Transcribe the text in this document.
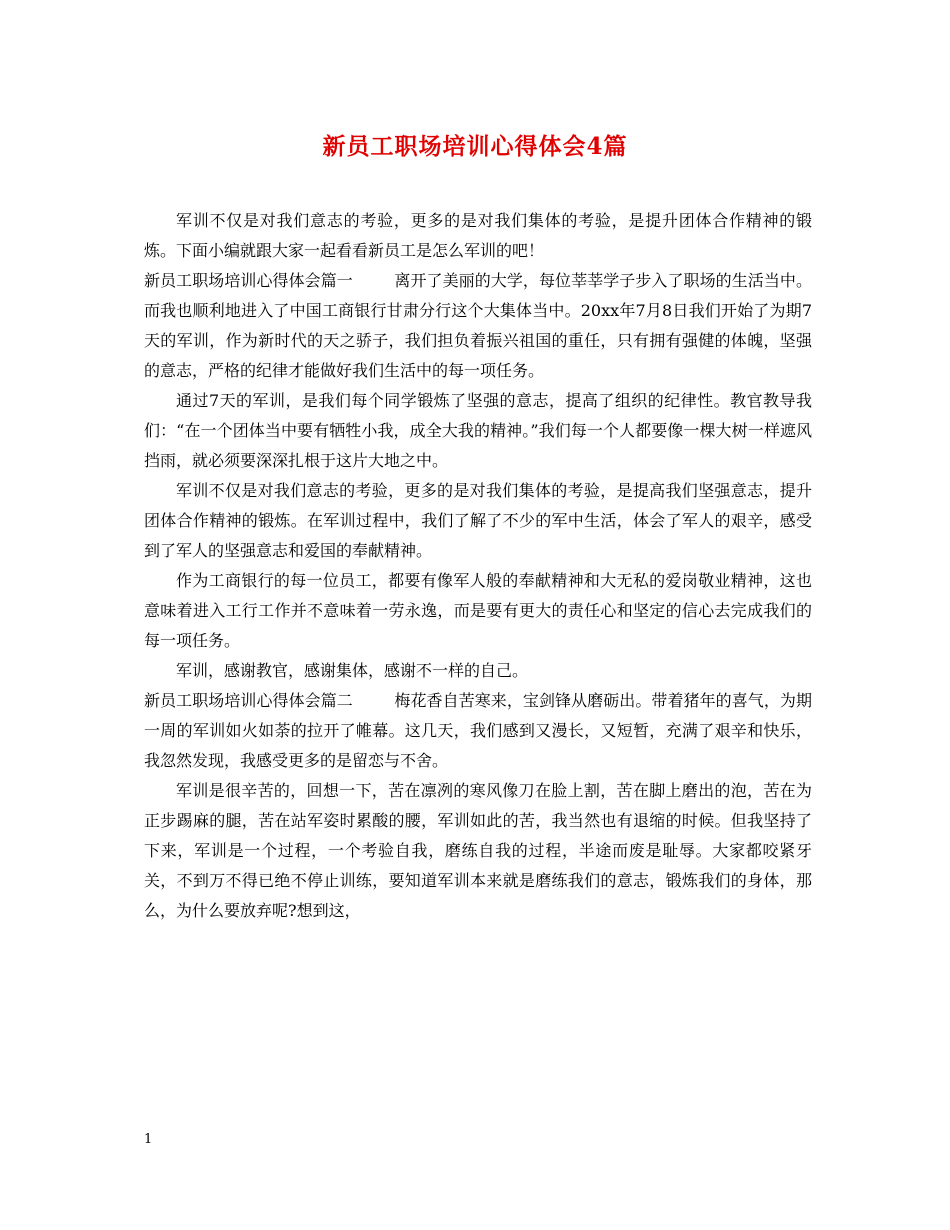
新员工职场培训心得体会4篇

军训不仅是对我们意志的考验，更多的是对我们集体的考验，是提升团体合作精神的锻炼。下面小编就跟大家一起看看新员工是怎么军训的吧！

新员工职场培训心得体会篇一	离开了美丽的大学，每位莘莘学子步入了职场的生活当中。而我也顺利地进入了中国工商银行甘肃分行这个大集体当中。20xx年7月8日我们开始了为期7天的军训，作为新时代的天之骄子，我们担负着振兴祖国的重任，只有拥有强健的体魄，坚强的意志，严格的纪律才能做好我们生活中的每一项任务。

通过7天的军训，是我们每个同学锻炼了坚强的意志，提高了组织的纪律性。教官教导我们：“在一个团体当中要有牺牲小我，成全大我的精神。”我们每一个人都要像一棵大树一样遮风挡雨，就必须要深深扎根于这片大地之中。

军训不仅是对我们意志的考验，更多的是对我们集体的考验，是提高我们坚强意志，提升团体合作精神的锻炼。在军训过程中，我们了解了不少的军中生活，体会了军人的艰辛，感受到了军人的坚强意志和爱国的奉献精神。

作为工商银行的每一位员工，都要有像军人般的奉献精神和大无私的爱岗敬业精神，这也意味着进入工行工作并不意味着一劳永逸，而是要有更大的责任心和坚定的信心去完成我们的每一项任务。

军训，感谢教官，感谢集体，感谢不一样的自己。

新员工职场培训心得体会篇二	梅花香自苦寒来，宝剑锋从磨砺出。带着猪年的喜气，为期一周的军训如火如荼的拉开了帷幕。这几天，我们感到又漫长，又短暂，充满了艰辛和快乐，我忽然发现，我感受更多的是留恋与不舍。

军训是很辛苦的，回想一下，苦在凛冽的寒风像刀在脸上割，苦在脚上磨出的泡，苦在为正步踢麻的腿，苦在站军姿时累酸的腰，军训如此的苦，我当然也有退缩的时候。但我坚持了下来，军训是一个过程，一个考验自我，磨练自我的过程，半途而废是耻辱。大家都咬紧牙关，不到万不得已绝不停止训练，要知道军训本来就是磨练我们的意志，锻炼我们的身体，那么，为什么要放弃呢?想到这，

1
